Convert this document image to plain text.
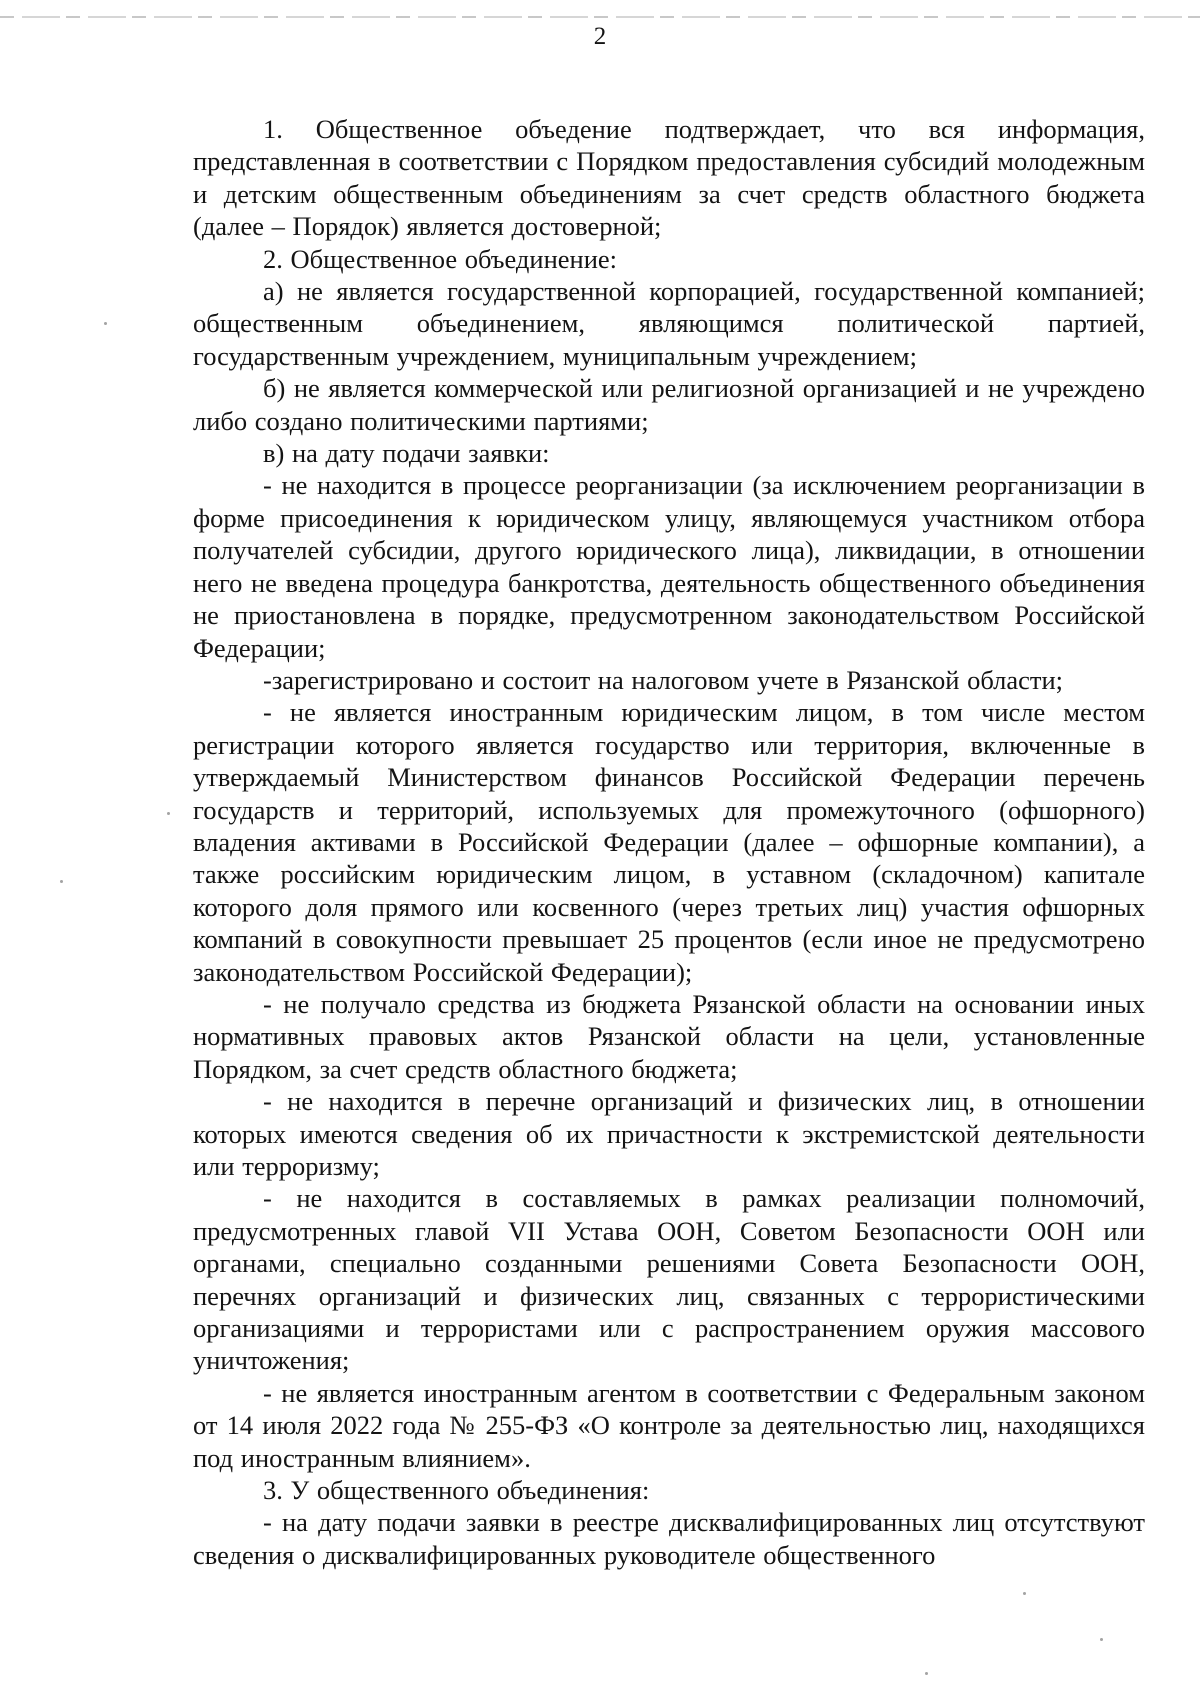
2

1. Общественное объедение подтверждает, что вся информация, представленная в соответствии с Порядком предоставления субсидий молодежным и детским общественным объединениям за счет средств областного бюджета (далее – Порядок) является достоверной;

2. Общественное объединение:

а) не является государственной корпорацией, государственной компанией; общественным объединением, являющимся политической партией, государственным учреждением, муниципальным учреждением;

б) не является коммерческой или религиозной организацией и не учреждено либо создано политическими партиями;

в) на дату подачи заявки:

- не находится в процессе реорганизации (за исключением реорганизации в форме присоединения к юридическом улицу, являющемуся участником отбора получателей субсидии, другого юридического лица), ликвидации, в отношении него не введена процедура банкротства, деятельность общественного объединения не приостановлена в порядке, предусмотренном законодательством Российской Федерации;

-зарегистрировано и состоит на налоговом учете в Рязанской области;

- не является иностранным юридическим лицом, в том числе местом регистрации которого является государство или территория, включенные в утверждаемый Министерством финансов Российской Федерации перечень государств и территорий, используемых для промежуточного (офшорного) владения активами в Российской Федерации (далее – офшорные компании), а также российским юридическим лицом, в уставном (складочном) капитале которого доля прямого или косвенного (через третьих лиц) участия офшорных компаний в совокупности превышает 25 процентов (если иное не предусмотрено законодательством Российской Федерации);

- не получало средства из бюджета Рязанской области на основании иных нормативных правовых актов Рязанской области на цели, установленные Порядком, за счет средств областного бюджета;

- не находится в перечне организаций и физических лиц, в отношении которых имеются сведения об их причастности к экстремистской деятельности или терроризму;

- не находится в составляемых в рамках реализации полномочий, предусмотренных главой VII Устава ООН, Советом Безопасности ООН или органами, специально созданными решениями Совета Безопасности ООН, перечнях организаций и физических лиц, связанных с террористическими организациями и террористами или с распространением оружия массового уничтожения;

- не является иностранным агентом в соответствии с Федеральным законом от 14 июля 2022 года № 255-ФЗ «О контроле за деятельностью лиц, находящихся под иностранным влиянием».

3. У общественного объединения:

- на дату подачи заявки в реестре дисквалифицированных лиц отсутствуют сведения о дисквалифицированных руководителе общественного
